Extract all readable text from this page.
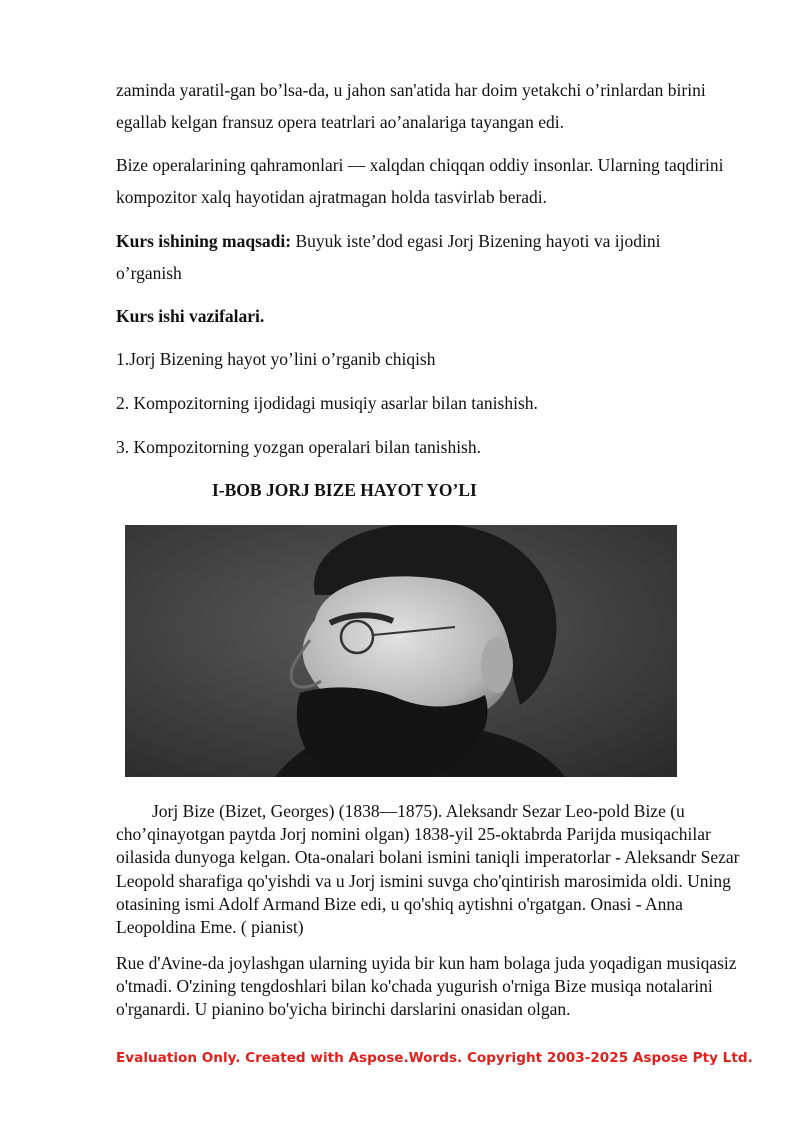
zaminda yaratil-gan bo’lsa-da, u jahon san'atida har doim yetakchi o’rinlardan birini egallab kelgan fransuz opera teatrlari ao’analariga tayangan edi.

Bize operalarining qahramonlari — xalqdan chiqqan oddiy insonlar. Ularning taqdirini kompozitor xalq hayotidan ajratmagan holda tasvirlab beradi.

Kurs ishining maqsadi: Buyuk iste’dod egasi Jorj Bizening hayoti va ijodini o’rganish

Kurs ishi vazifalari.

1.Jorj Bizening hayot yo’lini o’rganib chiqish

2. Kompozitorning ijodidagi musiqiy asarlar bilan tanishish.

3. Kompozitorning yozgan operalari bilan tanishish.

I-BOB JORJ BIZE HAYOT YO’LI

Jorj Bize (Bizet, Georges) (1838—1875). Aleksandr Sezar Leo-pold Bize (u cho’qinayotgan paytda Jorj nomini olgan) 1838-yil 25-oktabrda Parijda musiqachilar oilasida dunyoga kelgan. Ota-onalari bolani ismini taniqli imperatorlar - Aleksandr Sezar Leopold sharafiga qo'yishdi va u Jorj ismini suvga cho'qintirish marosimida oldi. Uning otasining ismi Adolf Armand Bize edi, u qo'shiq aytishni o'rgatgan. Onasi - Anna Leopoldina Eme. ( pianist)

Rue d'Avine-da joylashgan ularning uyida bir kun ham bolaga juda yoqadigan musiqasiz o'tmadi. O'zining tengdoshlari bilan ko'chada yugurish o'rniga Bize musiqa notalarini o'rganardi. U pianino bo'yicha birinchi darslarini onasidan olgan.

Evaluation Only. Created with Aspose.Words. Copyright 2003-2025 Aspose Pty Ltd.
